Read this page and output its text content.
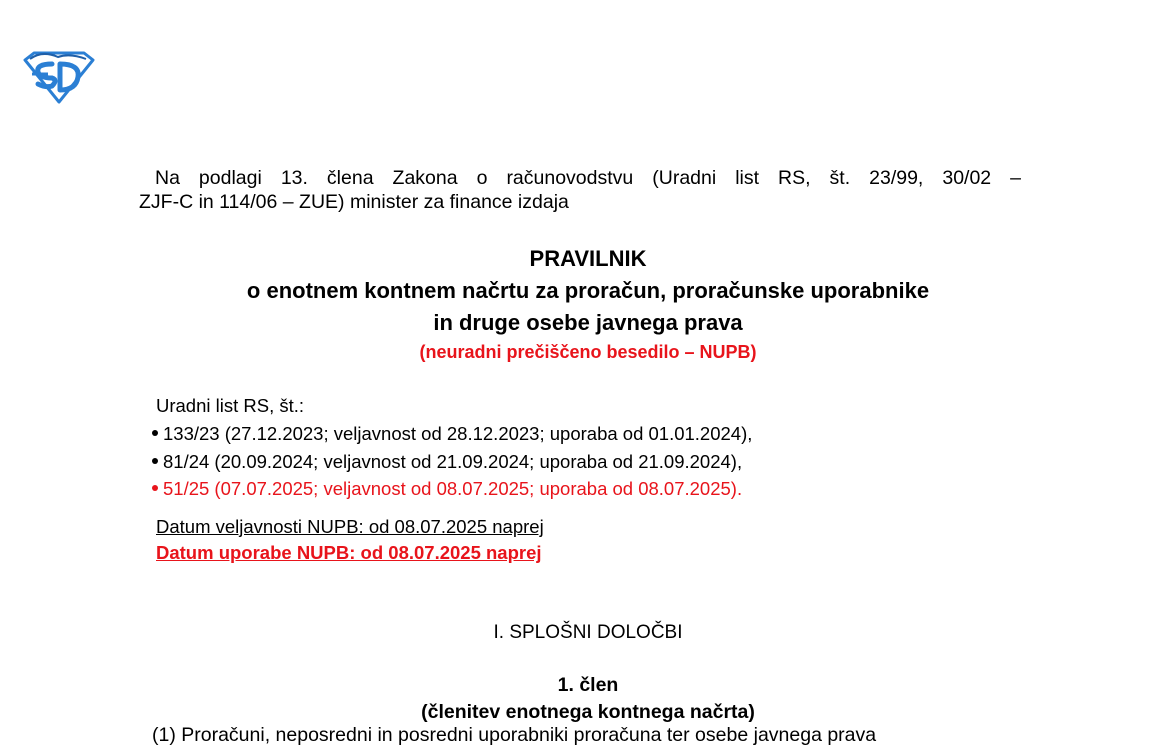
Na podlagi 13. člena Zakona o računovodstvu (Uradni list RS, št. 23/99, 30/02 –
ZJF-C in 114/06 – ZUE) minister za finance izdaja
PRAVILNIK
o enotnem kontnem načrtu za proračun, proračunske uporabnike
in druge osebe javnega prava
(neuradni prečiščeno besedilo – NUPB)
Uradni list RS, št.:
133/23 (27.12.2023; veljavnost od 28.12.2023; uporaba od 01.01.2024),
81/24 (20.09.2024; veljavnost od 21.09.2024; uporaba od 21.09.2024),
51/25 (07.07.2025; veljavnost od 08.07.2025; uporaba od 08.07.2025).
Datum veljavnosti NUPB: od 08.07.2025 naprej
Datum uporabe NUPB: od 08.07.2025 naprej
I. SPLOŠNI DOLOČBI
1. člen
(členitev enotnega kontnega načrta)
(1) Proračuni, neposredni in posredni uporabniki proračuna ter osebe javnega prava
